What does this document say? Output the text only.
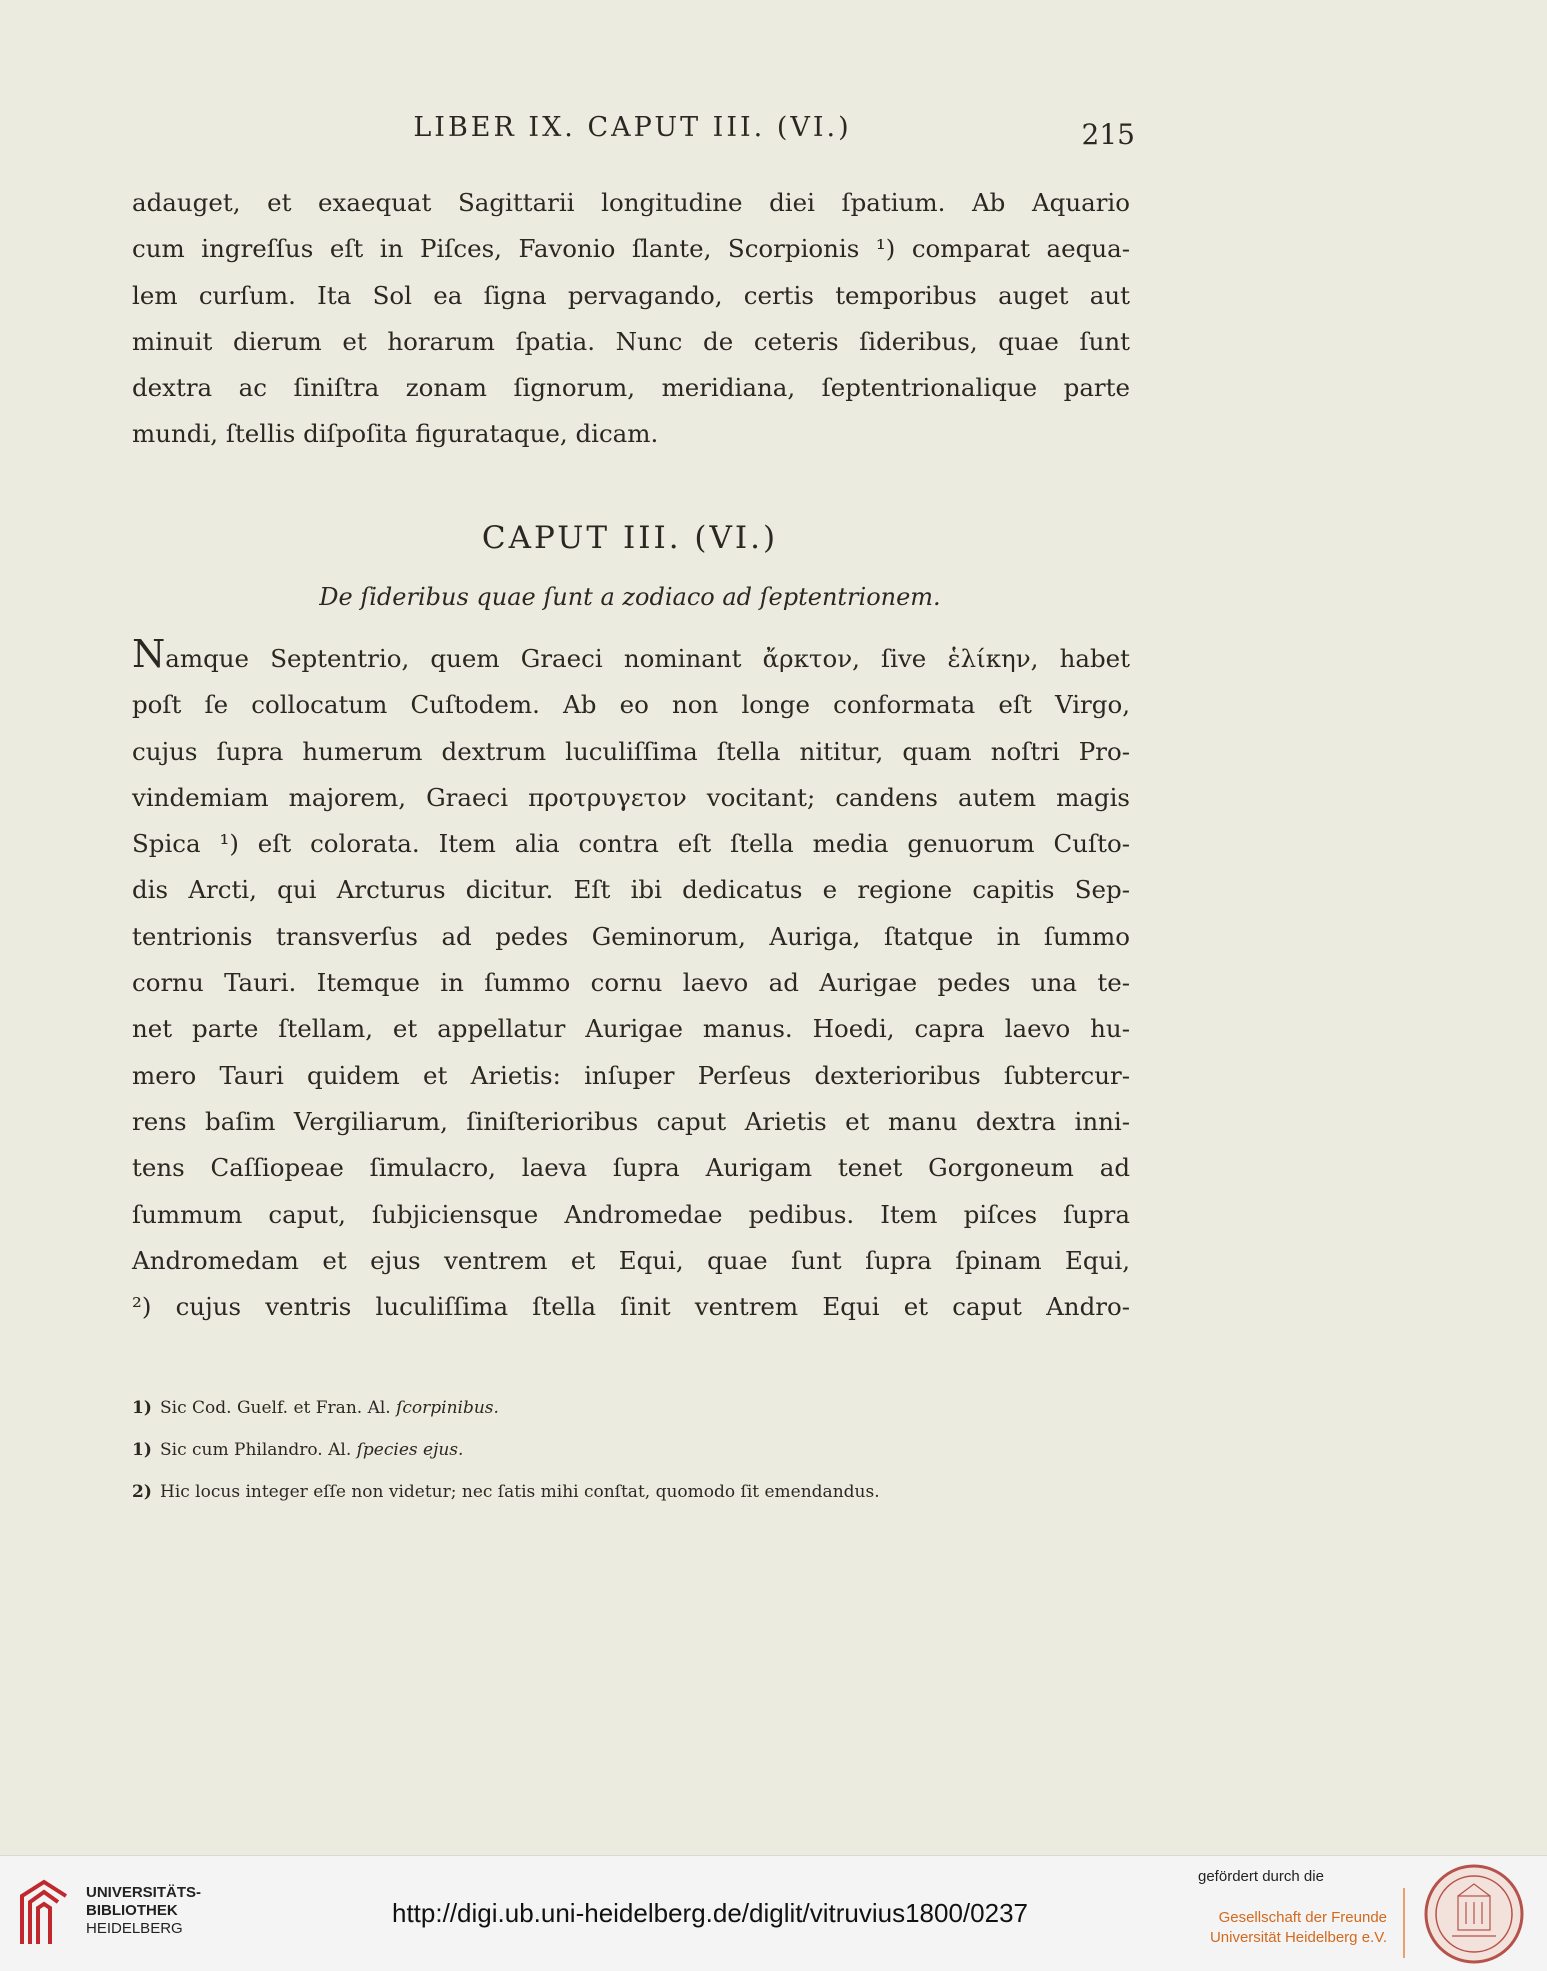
LIBER IX. CAPUT III. (VI.)	215
adauget, et exaequat Sagittarii longitudine diei ſpatium. Ab Aquario
cum ingreſſus eſt in Piſces, Favonio ſlante, Scorpionis ¹) comparat aequa-
lem curſum. Ita Sol ea ſigna pervagando, certis temporibus auget aut
minuit dierum et horarum ſpatia. Nunc de ceteris ſideribus, quae ſunt
dextra ac ſiniſtra zonam ſignorum, meridiana, ſeptentrionalique parte
mundi, ſtellis diſpoſita figurataque, dicam.
CAPUT III. (VI.)
De ſideribus quae ſunt a zodiaco ad ſeptentrionem.
Namque Septentrio, quem Graeci nominant ἄρκτον, ſive ἑλίκην, habet
poſt ſe collocatum Cuſtodem. Ab eo non longe conformata eſt Virgo,
cujus ſupra humerum dextrum luculiſſima ſtella nititur, quam noſtri Pro-
vindemiam majorem, Graeci προτρυγετον vocitant; candens autem magis
Spica ¹) eſt colorata. Item alia contra eſt ſtella media genuorum Cuſto-
dis Arcti, qui Arcturus dicitur. Eſt ibi dedicatus e regione capitis Sep-
tentrionis transverſus ad pedes Geminorum, Auriga, ſtatque in ſummo
cornu Tauri. Itemque in ſummo cornu laevo ad Aurigae pedes una te-
net parte ſtellam, et appellatur Aurigae manus. Hoedi, capra laevo hu-
mero Tauri quidem et Arietis: inſuper Perſeus dexterioribus ſubtercur-
rens baſim Vergiliarum, ſiniſterioribus caput Arietis et manu dextra inni-
tens Caſſiopeae ſimulacro, laeva ſupra Aurigam tenet Gorgoneum ad
ſummum caput, ſubjiciensque Andromedae pedibus. Item piſces ſupra
Andromedam et ejus ventrem et Equi, quae ſunt ſupra ſpinam Equi,
²) cujus ventris luculiſſima ſtella ſinit ventrem Equi et caput Andro-
1) Sic Cod. Guelf. et Fran. Al. ſcorpinibus.
1) Sic cum Philandro. Al. ſpecies ejus.
2) Hic locus integer eſſe non videtur; nec ſatis mihi conſtat, quomodo ſit emendandus.
UNIVERSITÄTS-
BIBLIOTHEK
HEIDELBERG
http://digi.ub.uni-heidelberg.de/diglit/vitruvius1800/0237
gefördert durch die
Gesellschaft der Freunde
Universität Heidelberg e.V.
